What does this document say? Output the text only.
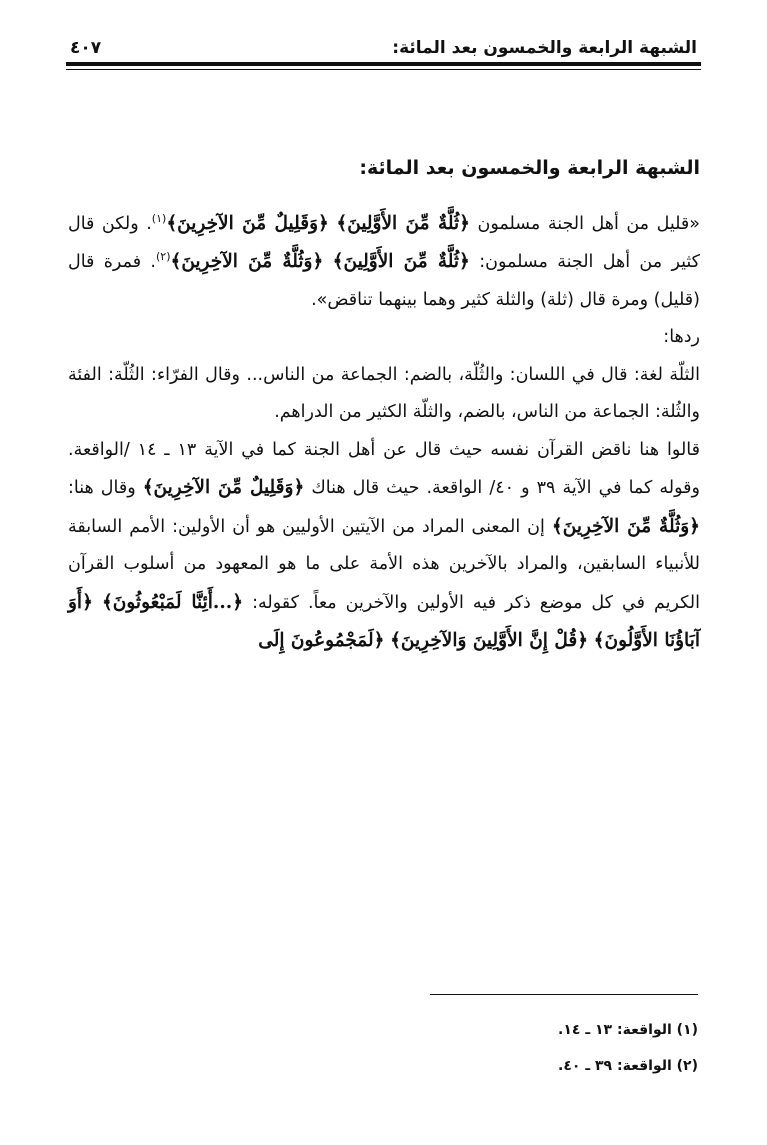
الشبهة الرابعة والخمسون بعد المائة:
٤٠٧

الشبهة الرابعة والخمسون بعد المائة:

«قليل من أهل الجنة مسلمون ﴿ثُلَّةٌ مِّنَ الأَوَّلِينَ﴾ ﴿وَقَلِيلٌ مِّنَ الآخِرِينَ﴾$^{(١)}$. ولكن قال كثير من أهل الجنة مسلمون: ﴿ثُلَّةٌ مِّنَ الأَوَّلِينَ﴾ ﴿وَثُلَّةٌ مِّنَ الآخِرِينَ﴾$^{(٢)}$. فمرة قال (قليل) ومرة قال (ثلة) والثلة كثير وهما بينهما تناقض».

ردها:

الثلّة لغة: قال في اللسان: والثُلّة، بالضم: الجماعة من الناس... وقال الفرّاء: الثُلّة: الفئة والثُلة: الجماعة من الناس، بالضم، والثلّة الكثير من الدراهم.

قالوا هنا ناقض القرآن نفسه حيث قال عن أهل الجنة كما في الآية ١٣ ـ ١٤ /الواقعة. وقوله كما في الآية ٣٩ و ٤٠/ الواقعة. حيث قال هناك ﴿وَقَلِيلٌ مِّنَ الآخِرِينَ﴾ وقال هنا: ﴿وَثُلَّةٌ مِّنَ الآخِرِينَ﴾ إن المعنى المراد من الآيتين الأوليين هو أن الأولين: الأمم السابقة للأنبياء السابقين، والمراد بالآخرين هذه الأمة على ما هو المعهود من أسلوب القرآن الكريم في كل موضع ذكر فيه الأولين والآخرين معاً. كقوله: ﴿...أَئِنَّا لَمَبْعُوثُونَ﴾ ﴿أَوَ آبَاؤُنَا الأَوَّلُونَ﴾ ﴿قُلْ إِنَّ الأَوَّلِينَ وَالآخِرِينَ﴾ ﴿لَمَجْمُوعُونَ إِلَى

(١) الواقعة: ١٣ ـ ١٤.
(٢) الواقعة: ٣٩ ـ ٤٠.
